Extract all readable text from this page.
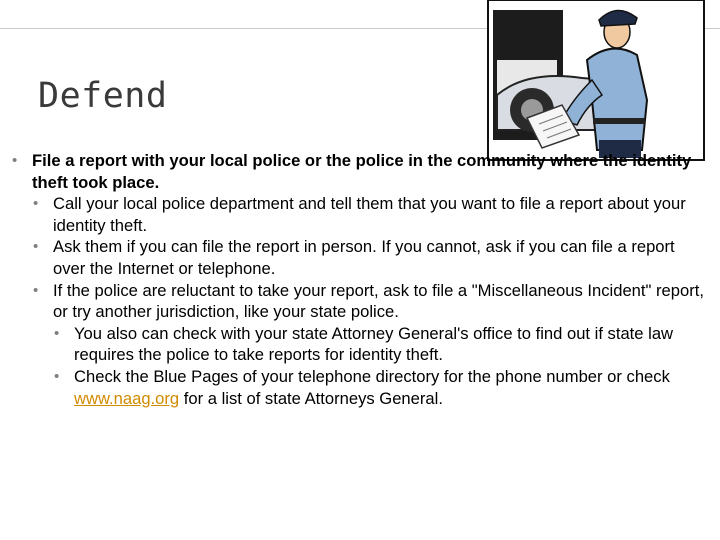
Defend
• File a report with your local police or the police in the community where the identity theft took place.
• Call your local police department and tell them that you want to file a report about your identity theft.
• Ask them if you can file the report in person. If you cannot, ask if you can file a report over the Internet or telephone.
• If the police are reluctant to take your report, ask to file a "Miscellaneous Incident" report, or try another jurisdiction, like your state police.
• You also can check with your state Attorney General's office to find out if state law requires the police to take reports for identity theft.
• Check the Blue Pages of your telephone directory for the phone number or check www.naag.org for a list of state Attorneys General.
